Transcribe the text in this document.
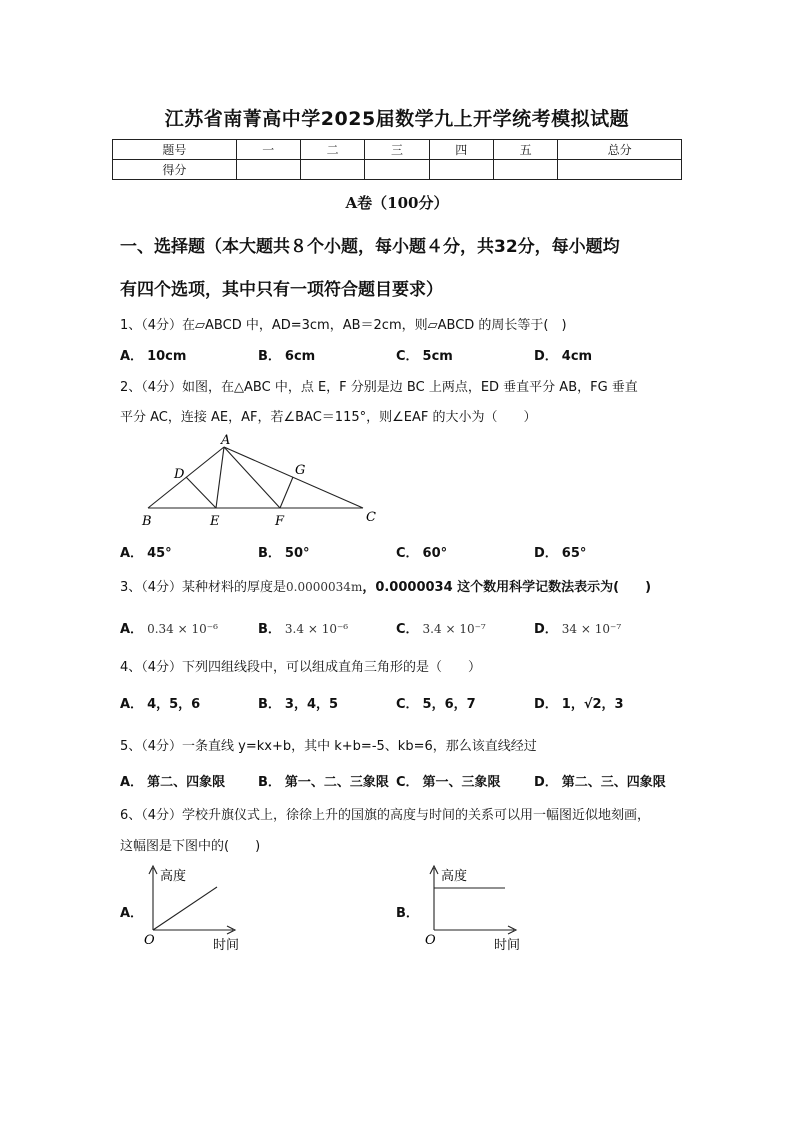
江苏省南菁高中学2025届数学九上开学统考模拟试题
题号	一	二	三	四	五	总分
得分						
A卷（100分）
一、选择题（本大题共８个小题，每小题４分，共32分，每小题均
有四个选项，其中只有一项符合题目要求）
1、（4分）在▱ABCD 中，AD=3cm，AB＝2cm，则▱ABCD 的周长等于(　)
A． 10cm	B． 6cm	C． 5cm	D． 4cm
2、（4分）如图，在△ABC 中，点 E，F 分别是边 BC 上两点，ED 垂直平分 AB，FG 垂直
平分 AC，连接 AE，AF，若∠BAC＝115°，则∠EAF 的大小为（　　）
A
B	C
D
E	F
G
A． 45°	B． 50°	C． 60°	D． 65°
3、（4分）某种材料的厚度是0.0000034m，0.0000034 这个数用科学记数法表示为(　　)
A． 0.34 × 10⁻⁶	B． 3.4 × 10⁻⁶	C． 3.4 × 10⁻⁷	D． 34 × 10⁻⁷
4、（4分）下列四组线段中，可以组成直角三角形的是（　　）
A． 4，5，6	B． 3，4，5	C． 5，6，7	D． 1，√2，3
5、（4分）一条直线 y=kx+b，其中 k+b=-5、kb=6，那么该直线经过
A． 第二、四象限	B． 第一、二、三象限 C． 第一、三象限	D． 第二、三、四象限
6、（4分）学校升旗仪式上，徐徐上升的国旗的高度与时间的关系可以用一幅图近似地刻画，
这幅图是下图中的(　　)
A．
高度
时间
O
B．
高度
时间
O
